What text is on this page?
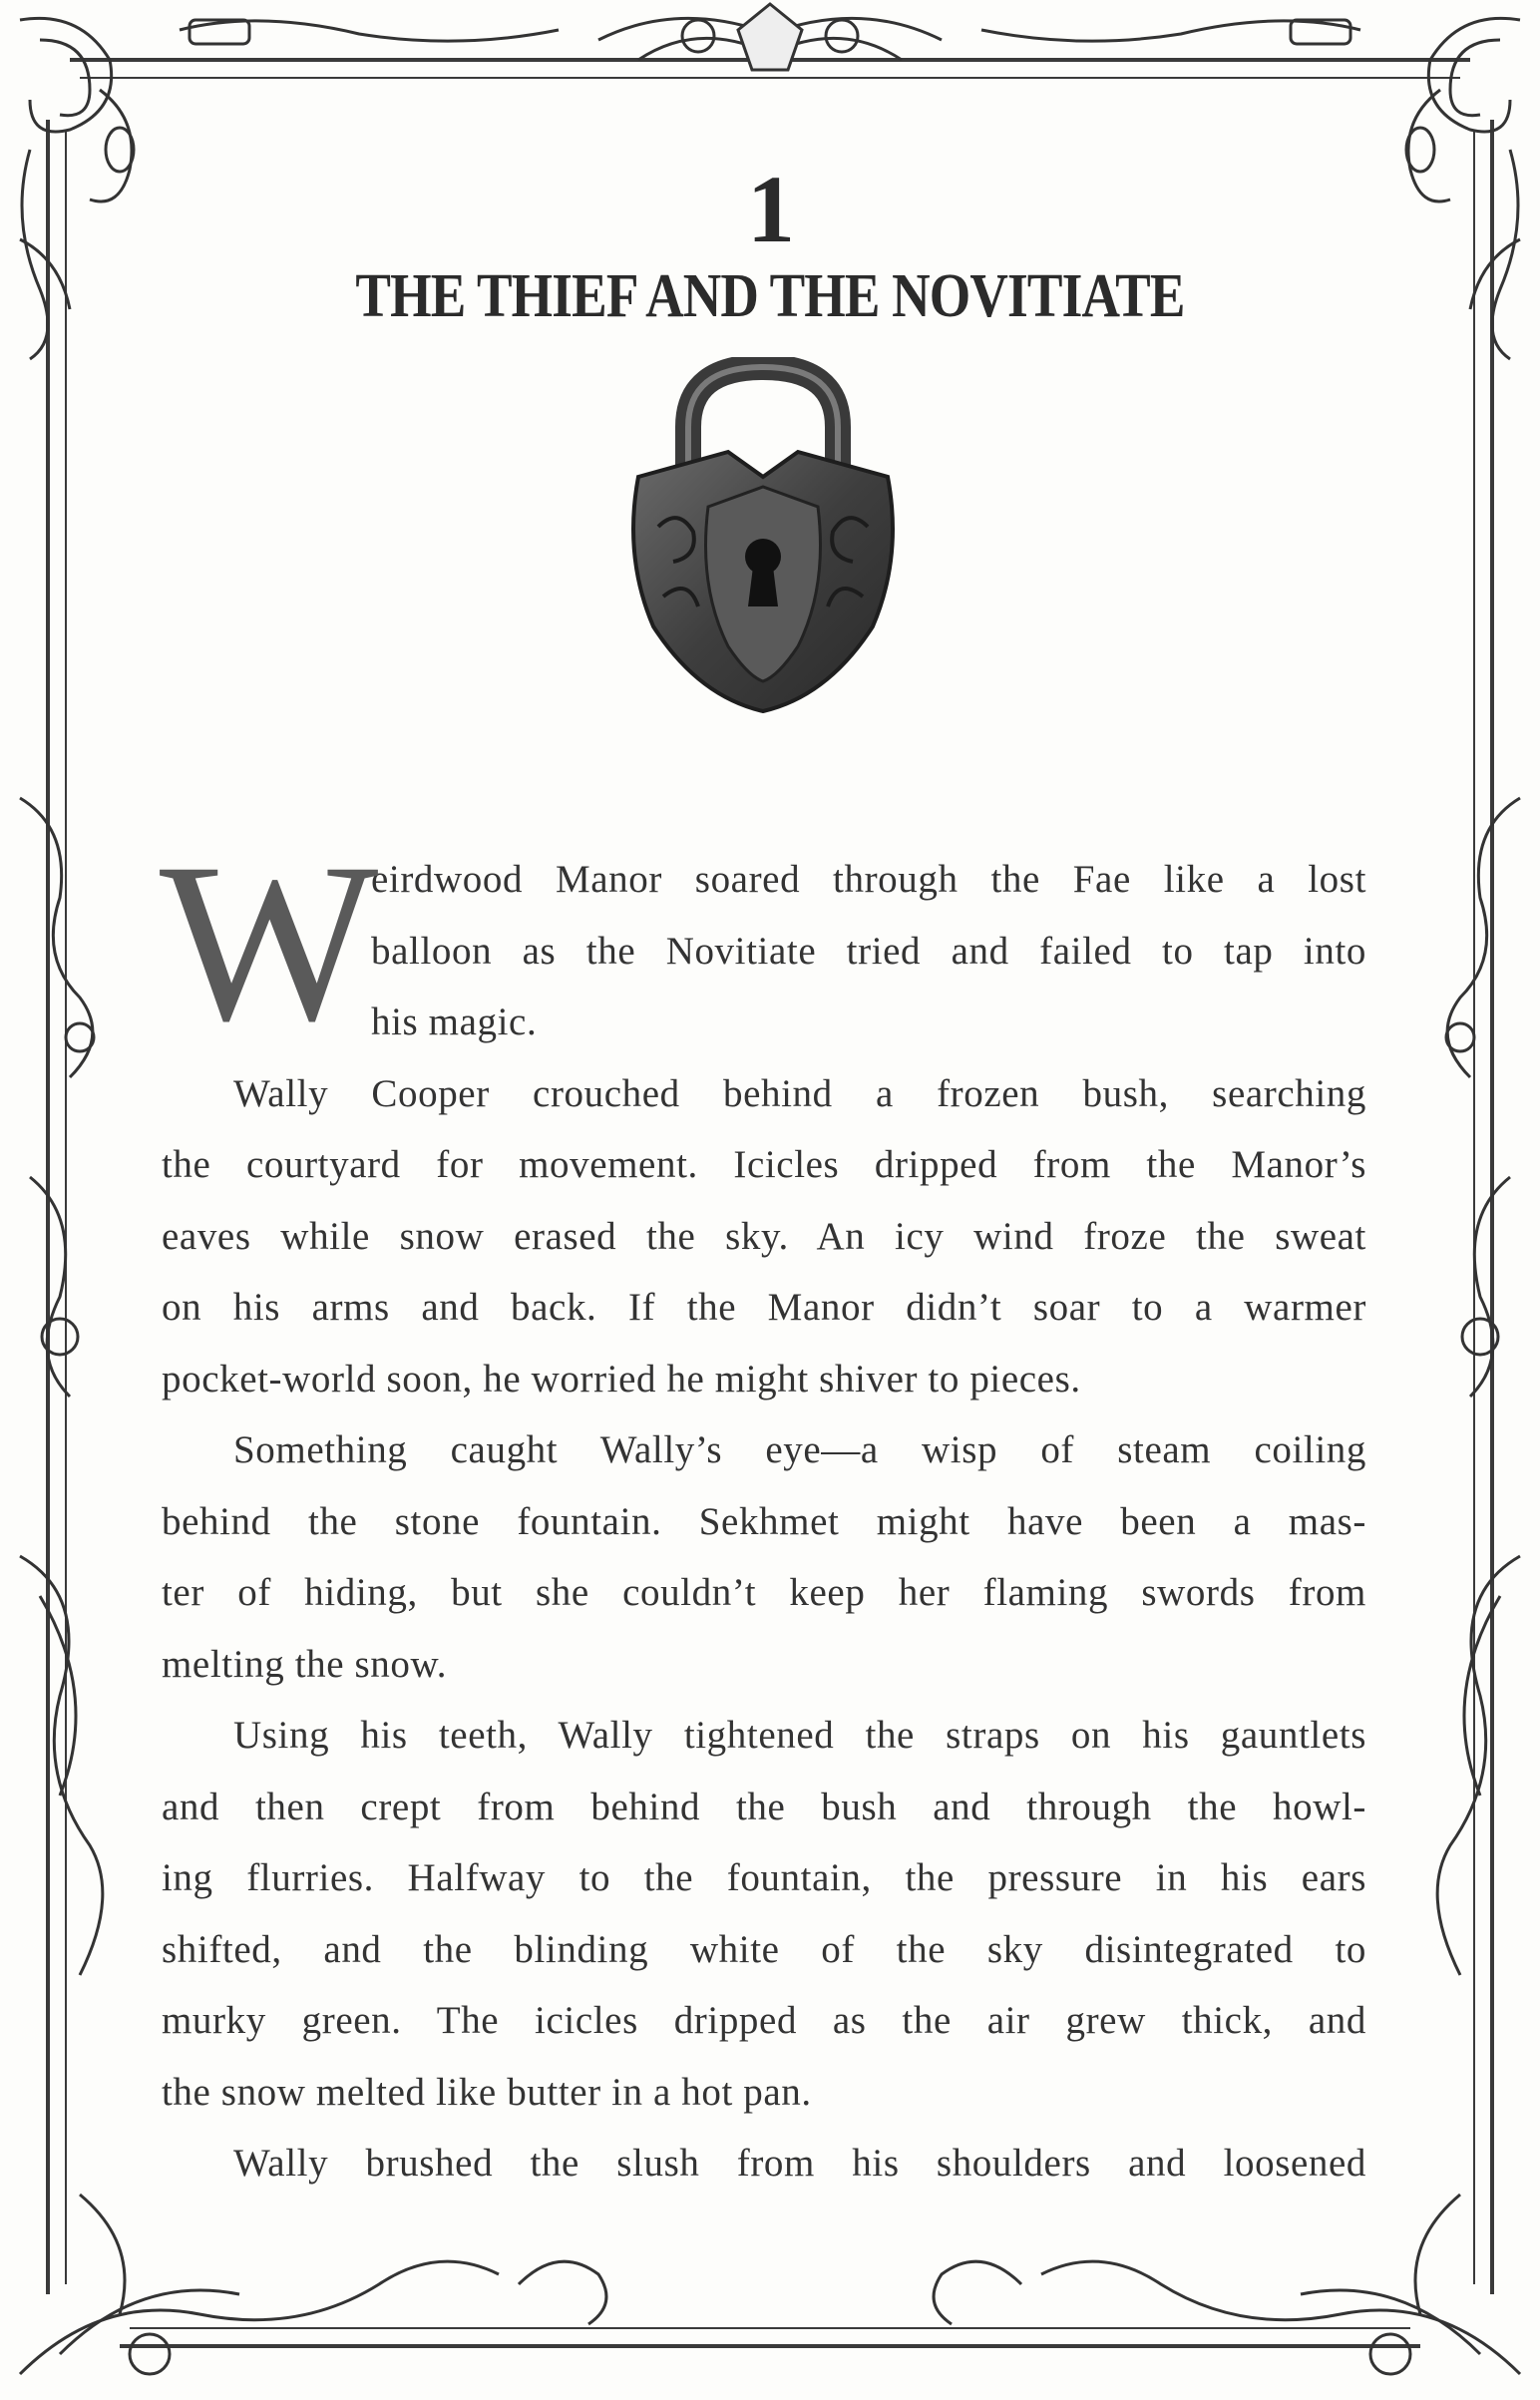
1
THE THIEF AND THE NOVITIATE
W

eirdwood Manor soared through the Fae like a lost
balloon as the Novitiate tried and failed to tap into
his magic.

Wally Cooper crouched behind a frozen bush, searching
the courtyard for movement. Icicles dripped from the Manor’s
eaves while snow erased the sky. An icy wind froze the sweat
on his arms and back. If the Manor didn’t soar to a warmer
pocket-world soon, he worried he might shiver to pieces.

Something caught Wally’s eye—a wisp of steam coiling
behind the stone fountain. Sekhmet might have been a mas-
ter of hiding, but she couldn’t keep her flaming swords from
melting the snow.

Using his teeth, Wally tightened the straps on his gauntlets
and then crept from behind the bush and through the howl-
ing flurries. Halfway to the fountain, the pressure in his ears
shifted, and the blinding white of the sky disintegrated to
murky green. The icicles dripped as the air grew thick, and
the snow melted like butter in a hot pan.

Wally brushed the slush from his shoulders and loosened
